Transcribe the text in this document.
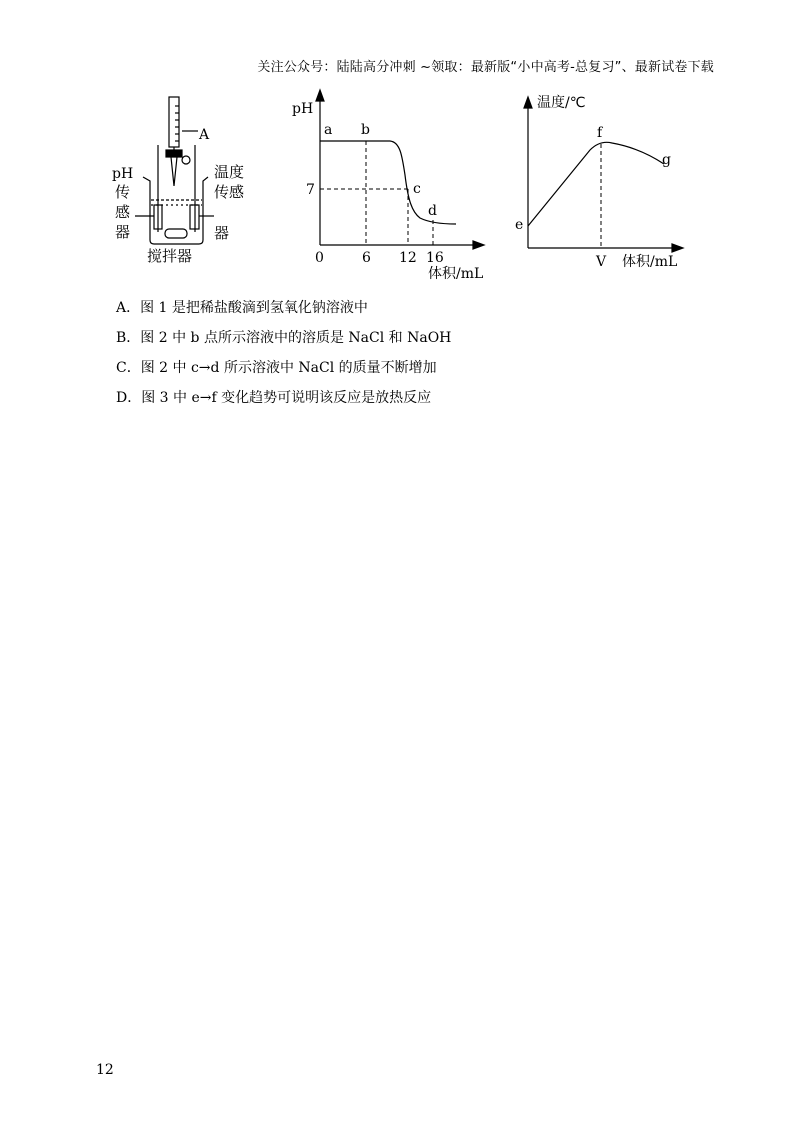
关注公众号：陆陆高分冲刺 ~领取：最新版“小中高考-总复习”、最新试卷下载
A
pH
传
感
器
温度
传感
器
搅拌器
pH
7
0	6 12 16
体积/mL
a b
c
d
温度/℃
e
f
g
V 体积/mL
A．图 1 是把稀盐酸滴到氢氧化钠溶液中
B．图 2 中 b 点所示溶液中的溶质是 NaCl 和 NaOH
C．图 2 中 c→d 所示溶液中 NaCl 的质量不断增加
D．图 3 中 e→f 变化趋势可说明该反应是放热反应
12
